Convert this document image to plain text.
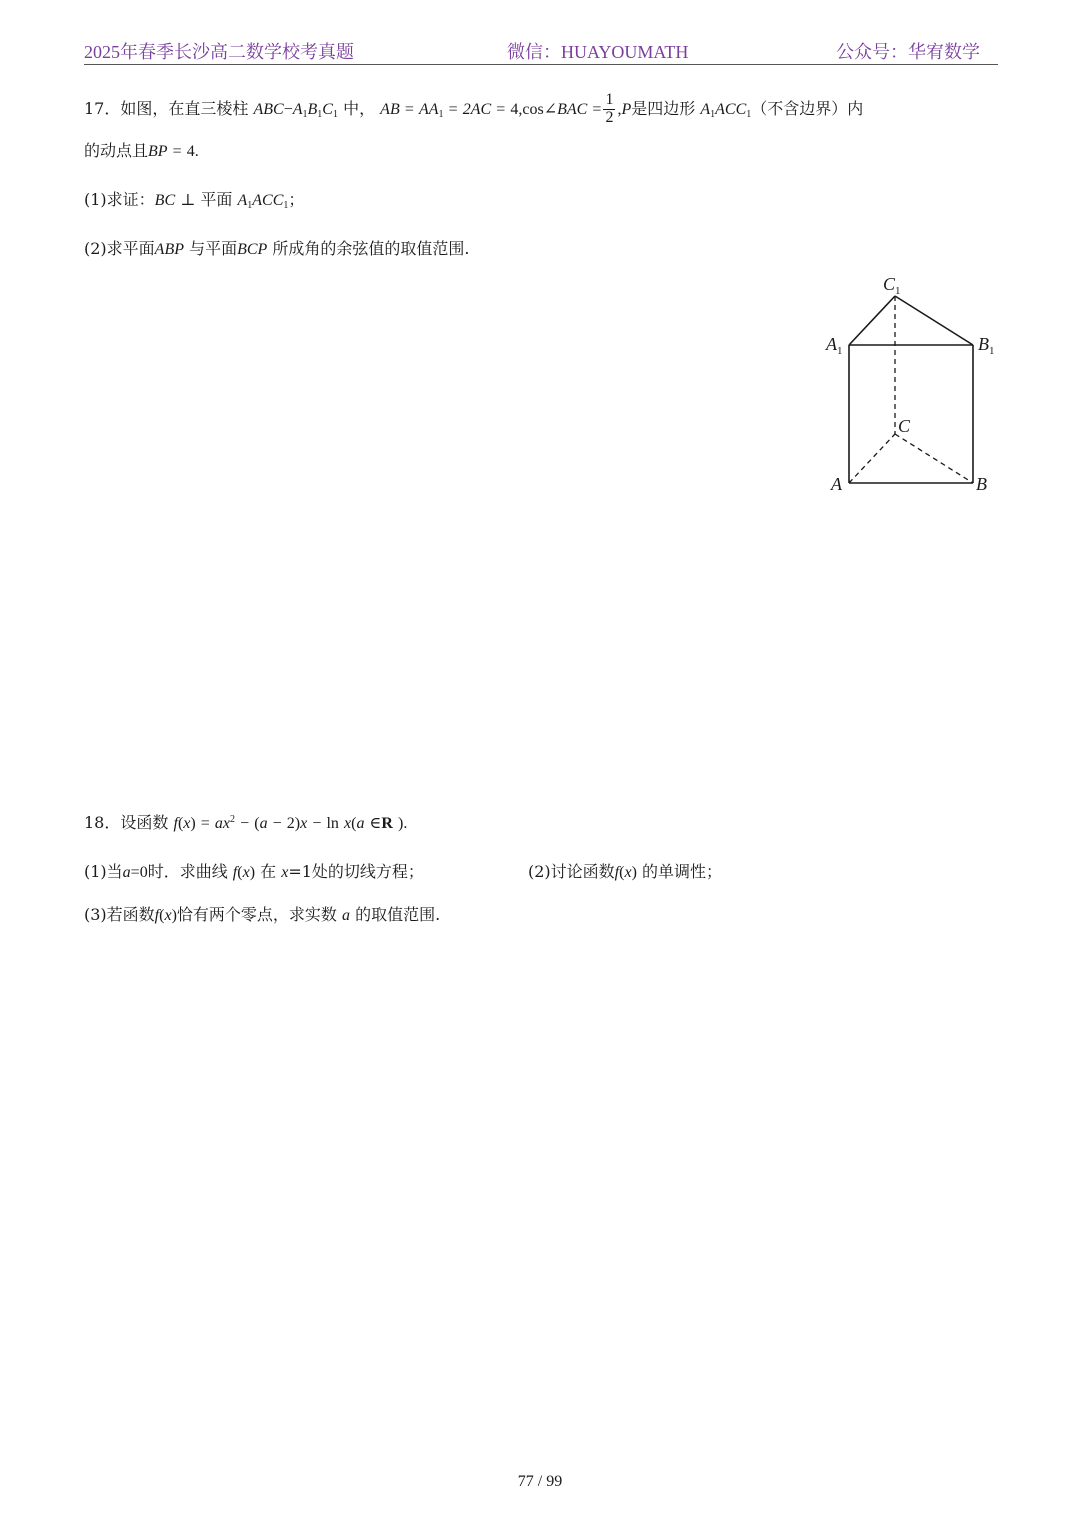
2025年春季长沙高二数学校考真题	微信：HUAYOUMATH	公众号：华宥数学
17．如图，在直三棱柱 $ABC-A_1B_1C_1$ 中， AB = $AA_1 = 2AC$ = 4,cos∠BAC = $\frac{1}{2} ,P$是四边形 $A_1ACC_1$（不含边界）内
的动点且BP = 4.
(1)求证：BC ⊥ 平面 $A_1ACC_1$；
(2)求平面ABP 与平面BCP 所成角的余弦值的取值范围.
$C_1$
$A_1$	$B_1$
C
A	B
18．设函数 $f(x) = ax^2 - (a - 2)x - \ln x(a$ ∈R ).
(1)当a=0时．求曲线 f(x) 在 x=1处的切线方程；	(2)讨论函数f(x) 的单调性；
(3)若函数f(x)恰有两个零点，求实数 a 的取值范围.
77 / 99
